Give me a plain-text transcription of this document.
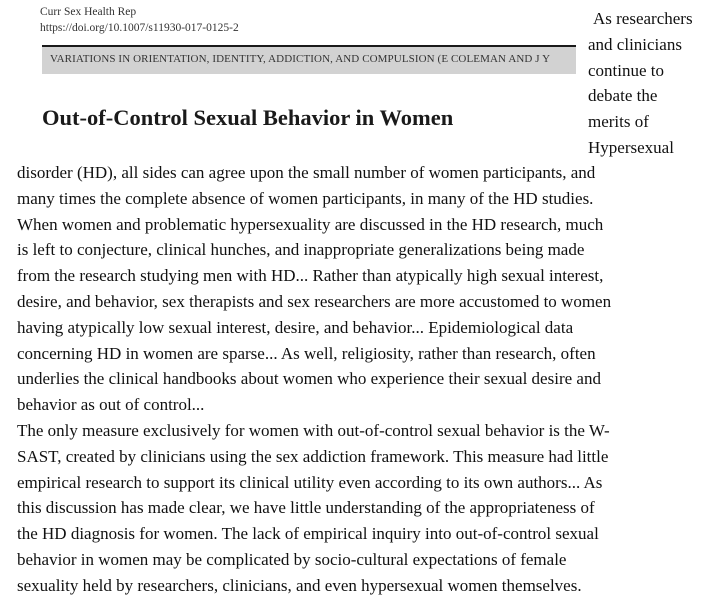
Curr Sex Health Rep
https://doi.org/10.1007/s11930-017-0125-2
VARIATIONS IN ORIENTATION, IDENTITY, ADDICTION, AND COMPULSION (E COLEMAN AND J Y
Out-of-Control Sexual Behavior in Women
As researchers
and clinicians
continue to
debate the
merits of
Hypersexual
disorder (HD), all sides can agree upon the small number of women participants, and
many times the complete absence of women participants, in many of the HD studies.
When women and problematic hypersexuality are discussed in the HD research, much
is left to conjecture, clinical hunches, and inappropriate generalizations being made
from the research studying men with HD... Rather than atypically high sexual interest,
desire, and behavior, sex therapists and sex researchers are more accustomed to women
having atypically low sexual interest, desire, and behavior... Epidemiological data
concerning HD in women are sparse... As well, religiosity, rather than research, often
underlies the clinical handbooks about women who experience their sexual desire and
behavior as out of control...
The only measure exclusively for women with out-of-control sexual behavior is the W-
SAST, created by clinicians using the sex addiction framework. This measure had little
empirical research to support its clinical utility even according to its own authors... As
this discussion has made clear, we have little understanding of the appropriateness of
the HD diagnosis for women. The lack of empirical inquiry into out-of-control sexual
behavior in women may be complicated by socio-cultural expectations of female
sexuality held by researchers, clinicians, and even hypersexual women themselves.
